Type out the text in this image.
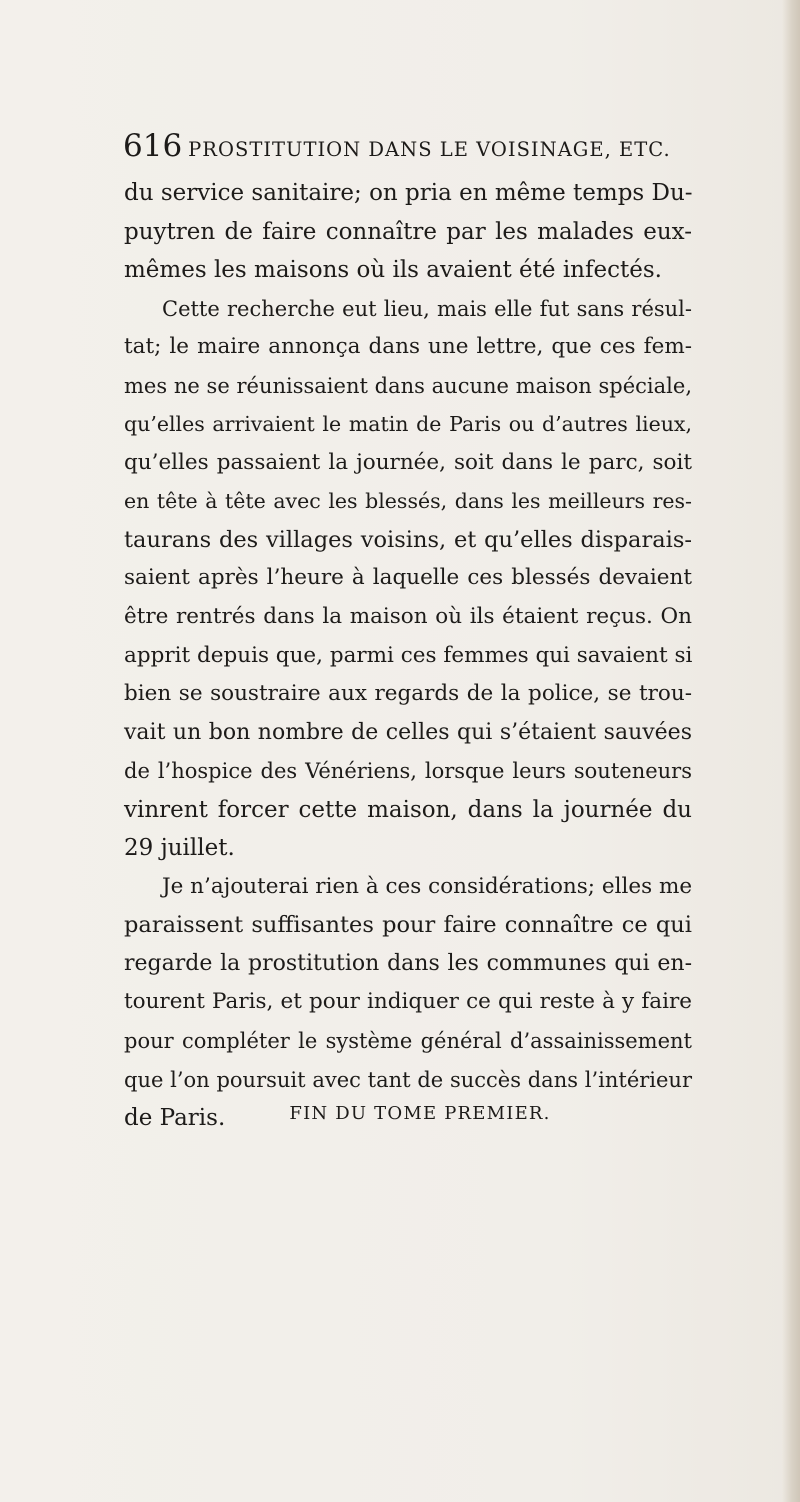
616 PROSTITUTION DANS LE VOISINAGE, ETC.
du service sanitaire; on pria en même temps Du-
puytren de faire connaître par les malades eux-
mêmes les maisons où ils avaient été infectés.
Cette recherche eut lieu, mais elle fut sans résul-
tat; le maire annonça dans une lettre, que ces fem-
mes ne se réunissaient dans aucune maison spéciale,
qu’elles arrivaient le matin de Paris ou d’autres lieux,
qu’elles passaient la journée, soit dans le parc, soit
en tête à tête avec les blessés, dans les meilleurs res-
taurans des villages voisins, et qu’elles disparais-
saient après l’heure à laquelle ces blessés devaient
être rentrés dans la maison où ils étaient reçus. On
apprit depuis que, parmi ces femmes qui savaient si
bien se soustraire aux regards de la police, se trou-
vait un bon nombre de celles qui s’étaient sauvées
de l’hospice des Vénériens, lorsque leurs souteneurs
vinrent forcer cette maison, dans la journée du
29 juillet.
Je n’ajouterai rien à ces considérations; elles me
paraissent suffisantes pour faire connaître ce qui
regarde la prostitution dans les communes qui en-
tourent Paris, et pour indiquer ce qui reste à y faire
pour compléter le système général d’assainissement
que l’on poursuit avec tant de succès dans l’intérieur
de Paris.	FIN DU TOME PREMIER.
